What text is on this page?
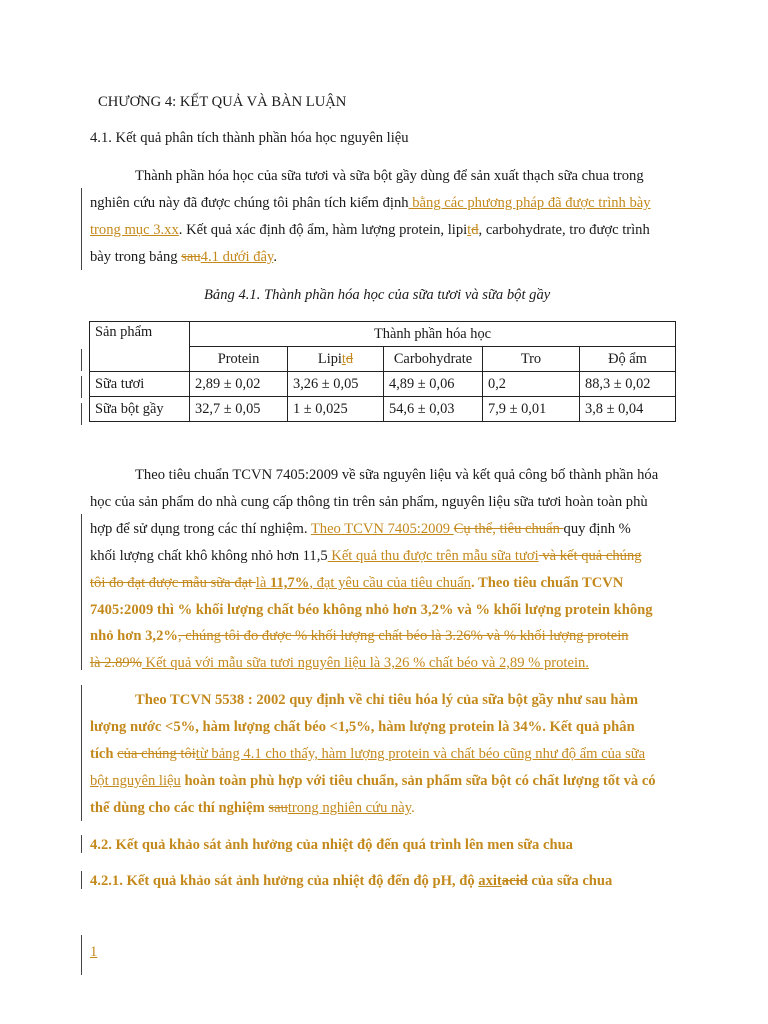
CHƯƠNG 4: KẾT QUẢ VÀ BÀN LUẬN
4.1. Kết quả phân tích thành phần hóa học nguyên liệu
Thành phần hóa học của sữa tươi và sữa bột gầy dùng để sản xuất thạch sữa chua trong
nghiên cứu này đã được chúng tôi phân tích kiểm định bằng các phương pháp đã được trình bày
trong mục 3.xx. Kết quả xác định độ ẩm, hàm lượng protein, lipitd, carbohydrate, tro được trình
bày trong bảng sau4.1 dưới đây.
Bảng 4.1. Thành phần hóa học của sữa tươi và sữa bột gầy
Sản phẩm	Thành phần hóa học				
	Protein	Lipitd	Carbohydrate	Tro	Độ ẩm
Sữa tươi	2,89 ± 0,02	3,26 ± 0,05	4,89 ± 0,06	0,2	88,3 ± 0,02
Sữa bột gầy	32,7 ± 0,05	1 ± 0,025	54,6 ± 0,03	7,9 ± 0,01	3,8 ± 0,04
Theo tiêu chuẩn TCVN 7405:2009 về sữa nguyên liệu và kết quả công bố thành phần hóa
học của sản phẩm do nhà cung cấp thông tin trên sản phẩm, nguyên liệu sữa tươi hoàn toàn phù
hợp để sử dụng trong các thí nghiệm. Theo TCVN 7405:2009 Cụ thể, tiêu chuẩn quy định %
khối lượng chất khô không nhỏ hơn 11,5 Kết quả thu được trên mẫu sữa tươi và kết quả chúng
tôi đo đạt được mẫu sữa đạt là 11,7%, đạt yêu cầu của tiêu chuẩn. Theo tiêu chuẩn TCVN
7405:2009 thì % khối lượng chất béo không nhỏ hơn 3,2% và % khối lượng protein không
nhỏ hơn 3,2%, chúng tôi đo được % khối lượng chất béo là 3.26% và % khối lượng protein
là 2.89% Kết quả với mẫu sữa tươi nguyên liệu là 3,26 % chất béo và 2,89 % protein.
Theo TCVN 5538 : 2002 quy định về chỉ tiêu hóa lý của sữa bột gầy như sau hàm
lượng nước <5%, hàm lượng chất béo <1,5%, hàm lượng protein là 34%. Kết quả phân
tích của chúng tôitừ bảng 4.1 cho thấy, hàm lượng protein và chất béo cũng như độ ẩm của sữa
bột nguyên liệu hoàn toàn phù hợp với tiêu chuẩn, sản phẩm sữa bột có chất lượng tốt và có
thể dùng cho các thí nghiệm sautrong nghiên cứu này.
4.2. Kết quả khảo sát ảnh hưởng của nhiệt độ đến quá trình lên men sữa chua
4.2.1. Kết quả khảo sát ảnh hưởng của nhiệt độ đến độ pH, độ axitacid của sữa chua
1
